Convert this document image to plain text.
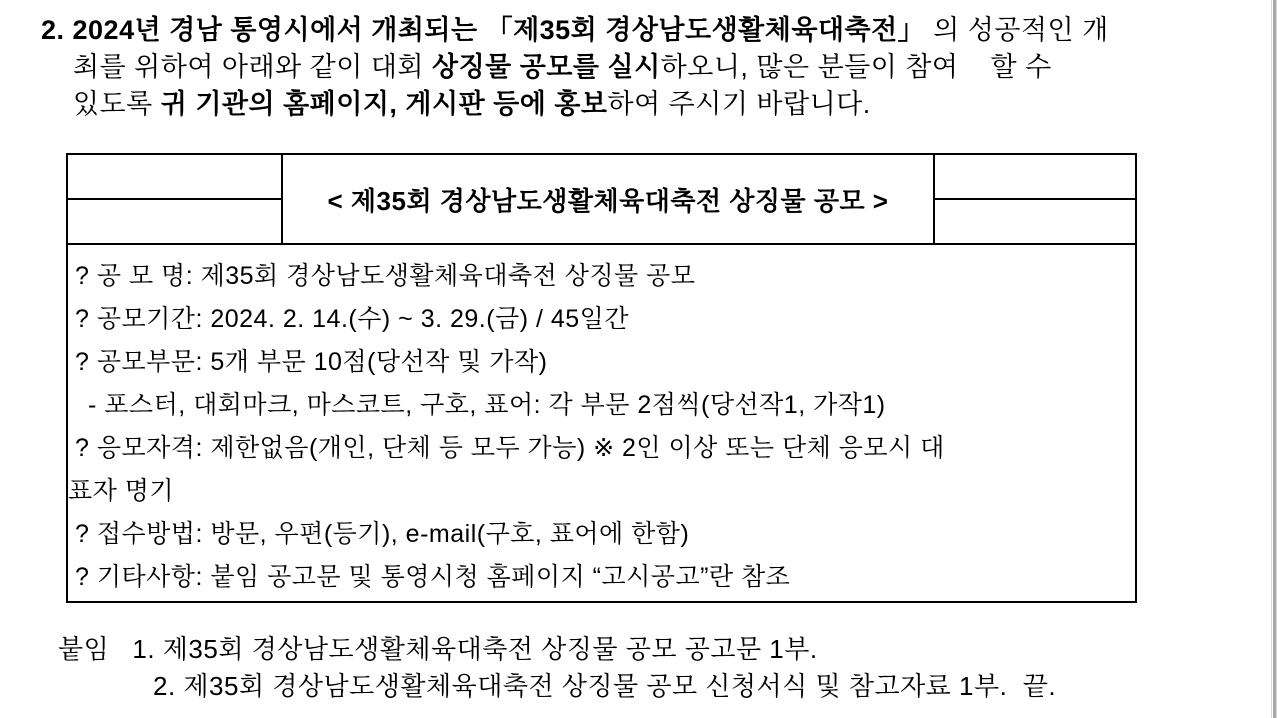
2. 2024년 경남 통영시에서 개최되는 「제35회 경상남도생활체육대축전」 의 성공적인 개
최를 위하여 아래와 같이 대회 상징물 공모를 실시하오니, 많은 분들이 참여    할 수
있도록 귀 기관의 홈페이지, 게시판 등에 홍보하여 주시기 바랍니다.
< 제35회 경상남도생활체육대축전 상징물 공모 >
? 공 모 명: 제35회 경상남도생활체육대축전 상징물 공모
? 공모기간: 2024. 2. 14.(수) ~ 3. 29.(금) / 45일간
? 공모부문: 5개 부문 10점(당선작 및 가작)
- 포스터, 대회마크, 마스코트, 구호, 표어: 각 부문 2점씩(당선작1, 가작1)
? 응모자격: 제한없음(개인, 단체 등 모두 가능) ※ 2인 이상 또는 단체 응모시 대
표자 명기
? 접수방법: 방문, 우편(등기), e-mail(구호, 표어에 한함)
? 기타사항: 붙임 공고문 및 통영시청 홈페이지 “고시공고”란 참조
붙임   1. 제35회 경상남도생활체육대축전 상징물 공모 공고문 1부.
2. 제35회 경상남도생활체육대축전 상징물 공모 신청서식 및 참고자료 1부.  끝.
